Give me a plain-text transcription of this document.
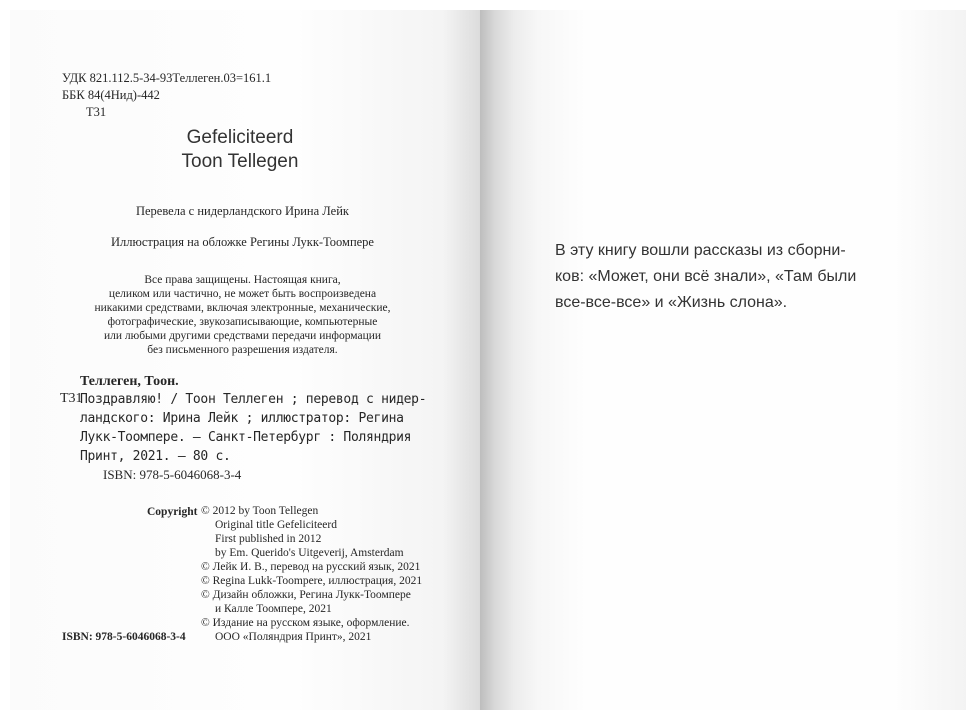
УДК 821.112.5-34-93Теллеген.03=161.1
ББК 84(4Нид)-442
Т31
Gefeliciteerd
Toon Tellegen
Перевела с нидерландского Ирина Лейк
Иллюстрация на обложке Регины Лукк-Тоомпере
Все права защищены. Настоящая книга,
целиком или частично, не может быть воспроизведена
никакими средствами, включая электронные, механические,
фотографические, звукозаписывающие, компьютерные
или любыми другими средствами передачи информации
без письменного разрешения издателя.
Теллеген, Тоон.
Т31
Поздравляю! / Тоон Теллеген ; перевод с нидер-
ландского: Ирина Лейк ; иллюстратор: Регина
Лукк-Тоомпере. — Санкт-Петербург : Поляндрия
Принт, 2021. — 80 с.
ISBN: 978-5-6046068-3-4
Copyright © 2012 by Toon Tellegen
Original title Gefeliciteerd
First published in 2012
by Em. Querido's Uitgeverij, Amsterdam
© Лейк И. В., перевод на русский язык, 2021
© Regina Lukk-Toompere, иллюстрация, 2021
© Дизайн обложки, Регина Лукк-Тоомпере
и Калле Тоомпере, 2021
© Издание на русском языке, оформление.
ООО «Поляндрия Принт», 2021
ISBN: 978-5-6046068-3-4
В эту книгу вошли рассказы из сборни-
ков: «Может, они всё знали», «Там были
все-все-все» и «Жизнь слона».
